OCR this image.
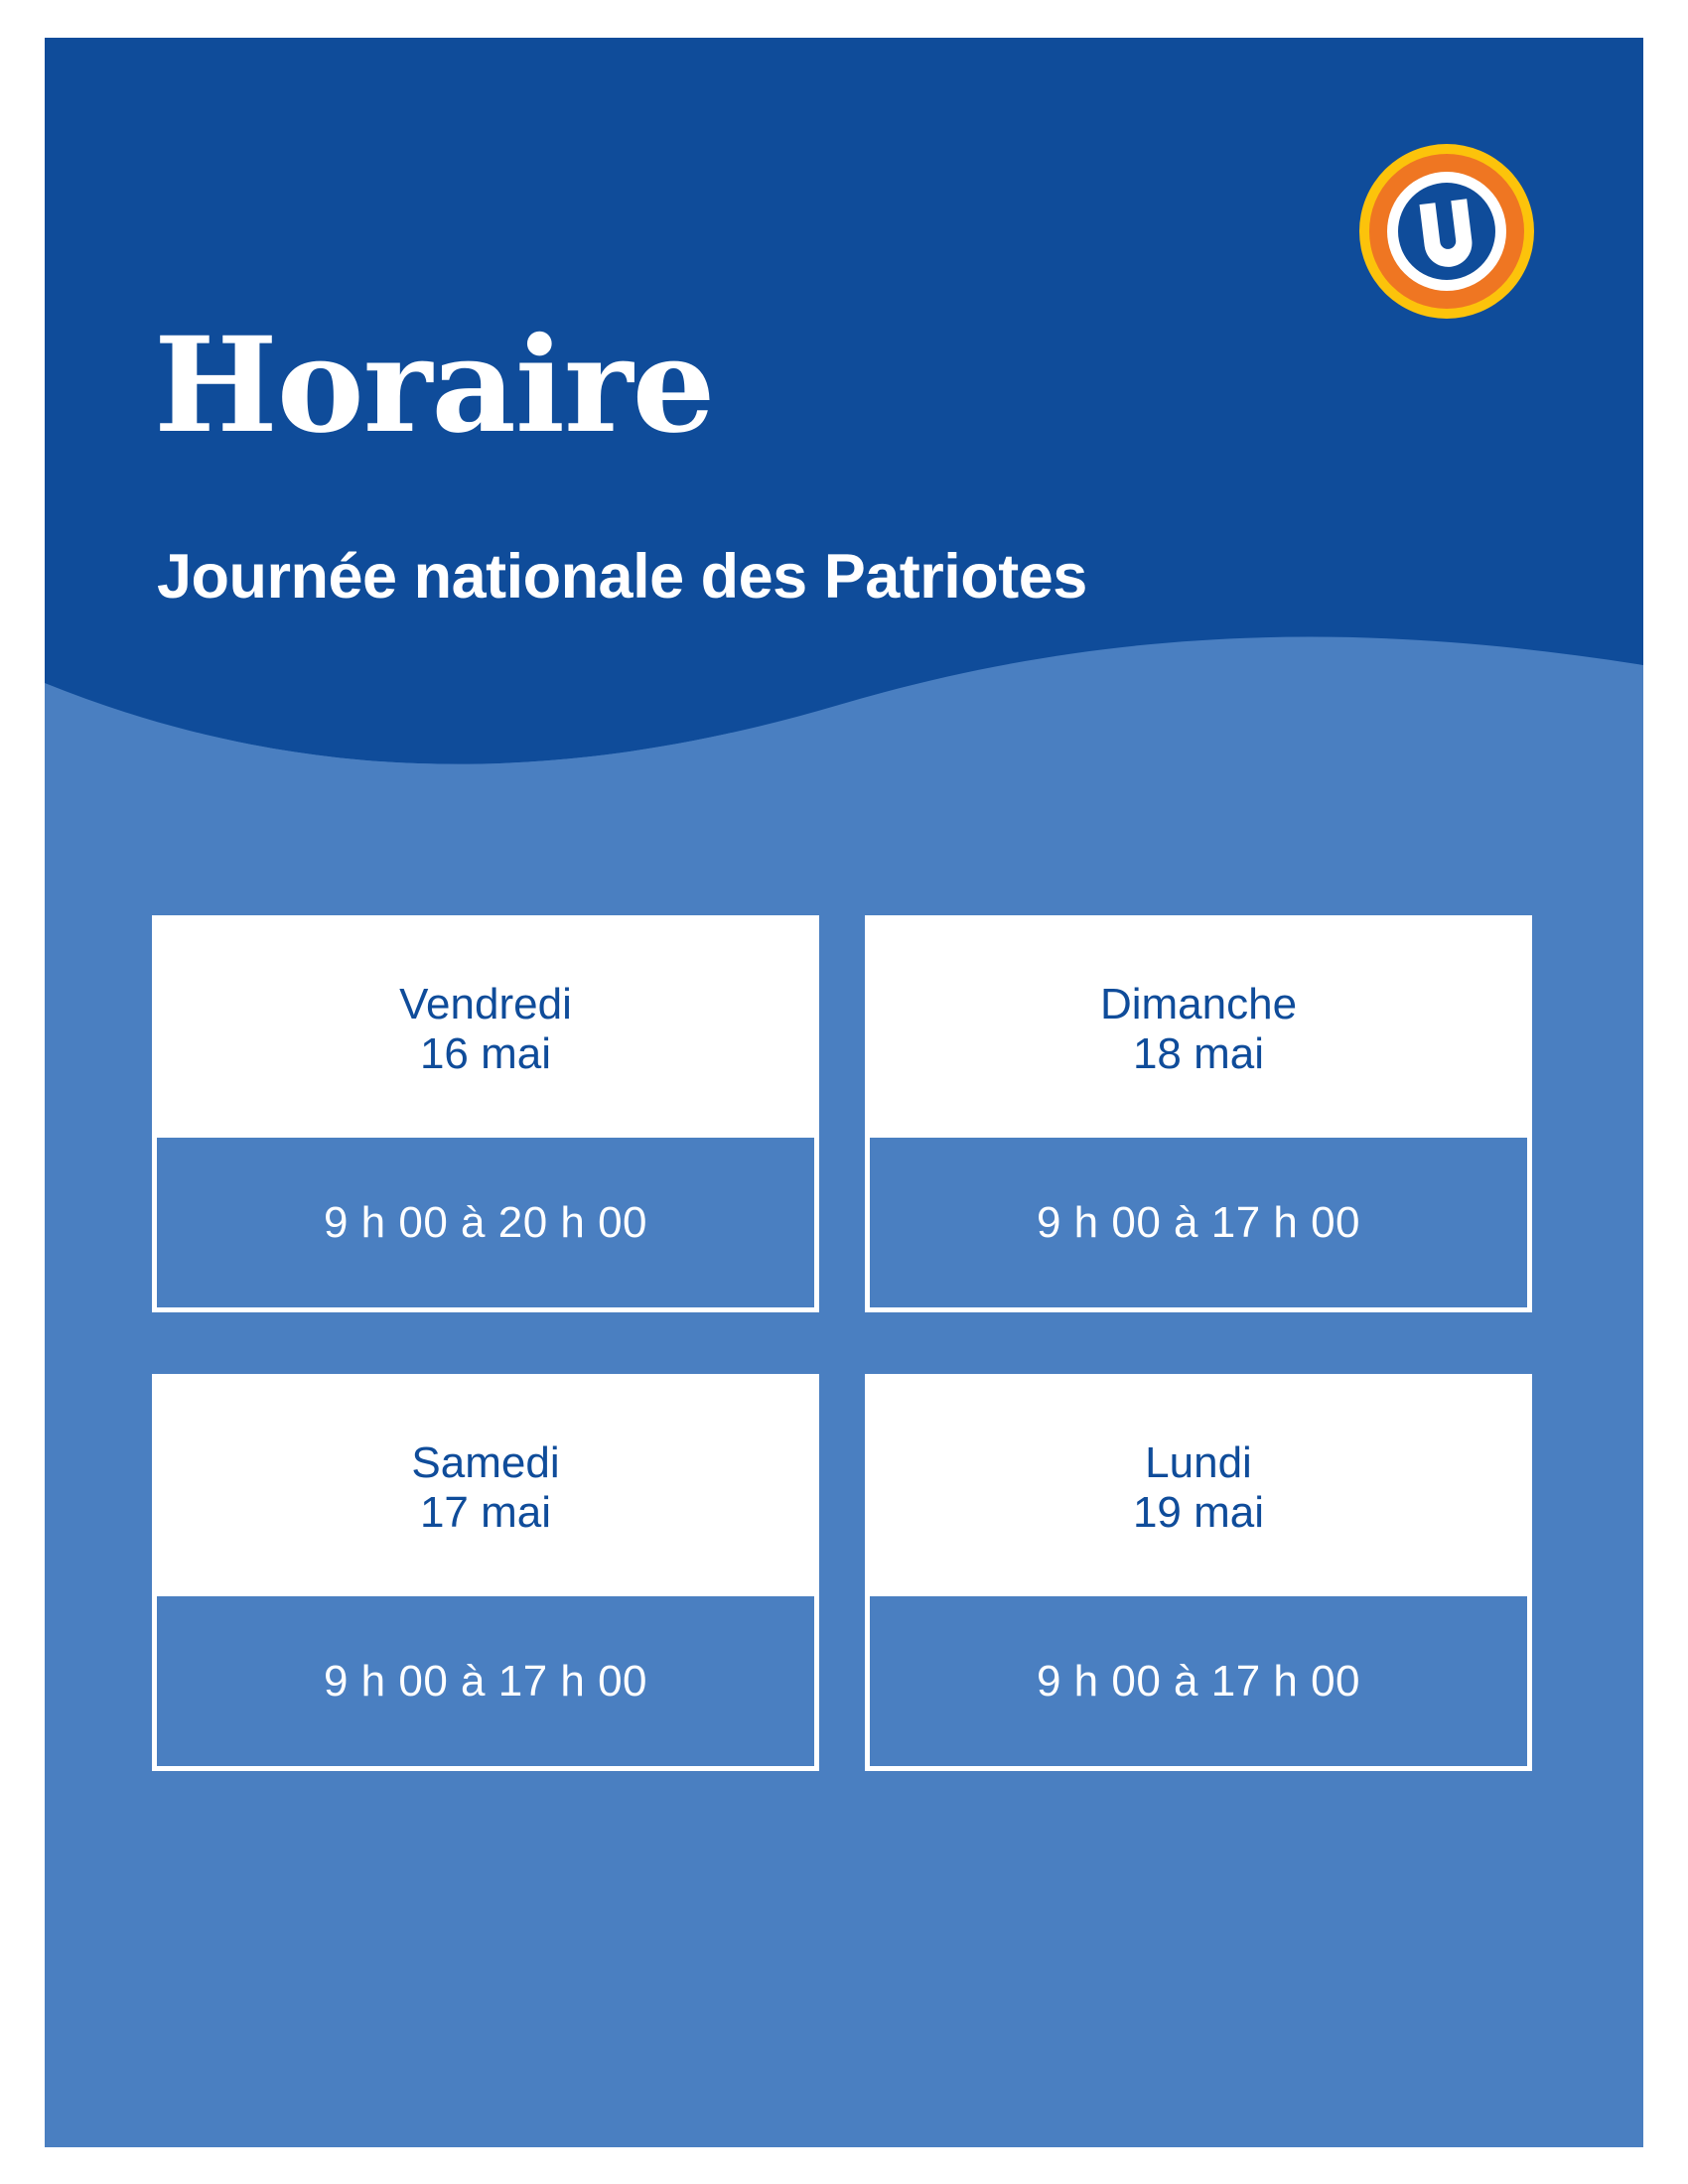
Horaire
Journée nationale des Patriotes
Vendredi
16 mai
9 h 00 à 20 h 00
Dimanche
18 mai
9 h 00 à 17 h 00
Samedi
17 mai
9 h 00 à 17 h 00
Lundi
19 mai
9 h 00 à 17 h 00
